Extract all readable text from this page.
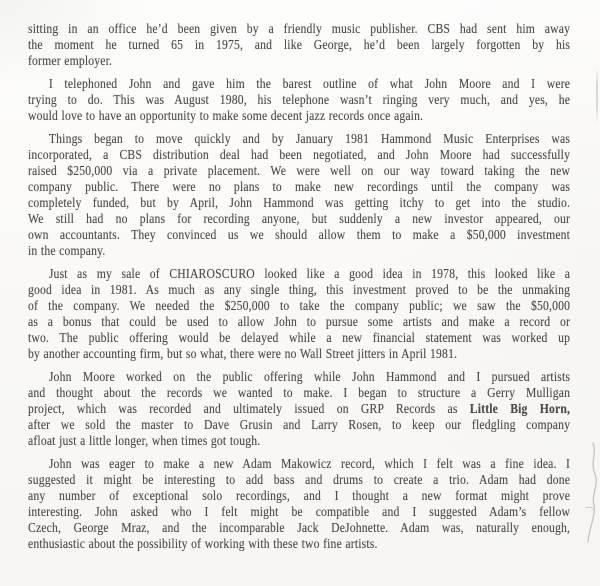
sitting in an office he’d been given by a friendly music publisher. CBS had sent him away
the moment he turned 65 in 1975, and like George, he’d been largely forgotten by his
former employer.
I telephoned John and gave him the barest outline of what John Moore and I were
trying to do. This was August 1980, his telephone wasn’t ringing very much, and yes, he
would love to have an opportunity to make some decent jazz records once again.
Things began to move quickly and by January 1981 Hammond Music Enterprises was
incorporated, a CBS distribution deal had been negotiated, and John Moore had successfully
raised $250,000 via a private placement. We were well on our way toward taking the new
company public. There were no plans to make new recordings until the company was
completely funded, but by April, John Hammond was getting itchy to get into the studio.
We still had no plans for recording anyone, but suddenly a new investor appeared, our
own accountants. They convinced us we should allow them to make a $50,000 investment
in the company.
Just as my sale of CHIAROSCURO looked like a good idea in 1978, this looked like a
good idea in 1981. As much as any single thing, this investment proved to be the unmaking
of the company. We needed the $250,000 to take the company public; we saw the $50,000
as a bonus that could be used to allow John to pursue some artists and make a record or
two. The public offering would be delayed while a new financial statement was worked up
by another accounting firm, but so what, there were no Wall Street jitters in April 1981.
John Moore worked on the public offering while John Hammond and I pursued artists
and thought about the records we wanted to make. I began to structure a Gerry Mulligan
project, which was recorded and ultimately issued on GRP Records as Little Big Horn,
after we sold the master to Dave Grusin and Larry Rosen, to keep our fledgling company
afloat just a little longer, when times got tough.
John was eager to make a new Adam Makowicz record, which I felt was a fine idea. I
suggested it might be interesting to add bass and drums to create a trio. Adam had done
any number of exceptional solo recordings, and I thought a new format might prove
interesting. John asked who I felt might be compatible and I suggested Adam’s fellow
Czech, George Mraz, and the incomparable Jack DeJohnette. Adam was, naturally enough,
enthusiastic about the possibility of working with these two fine artists.
